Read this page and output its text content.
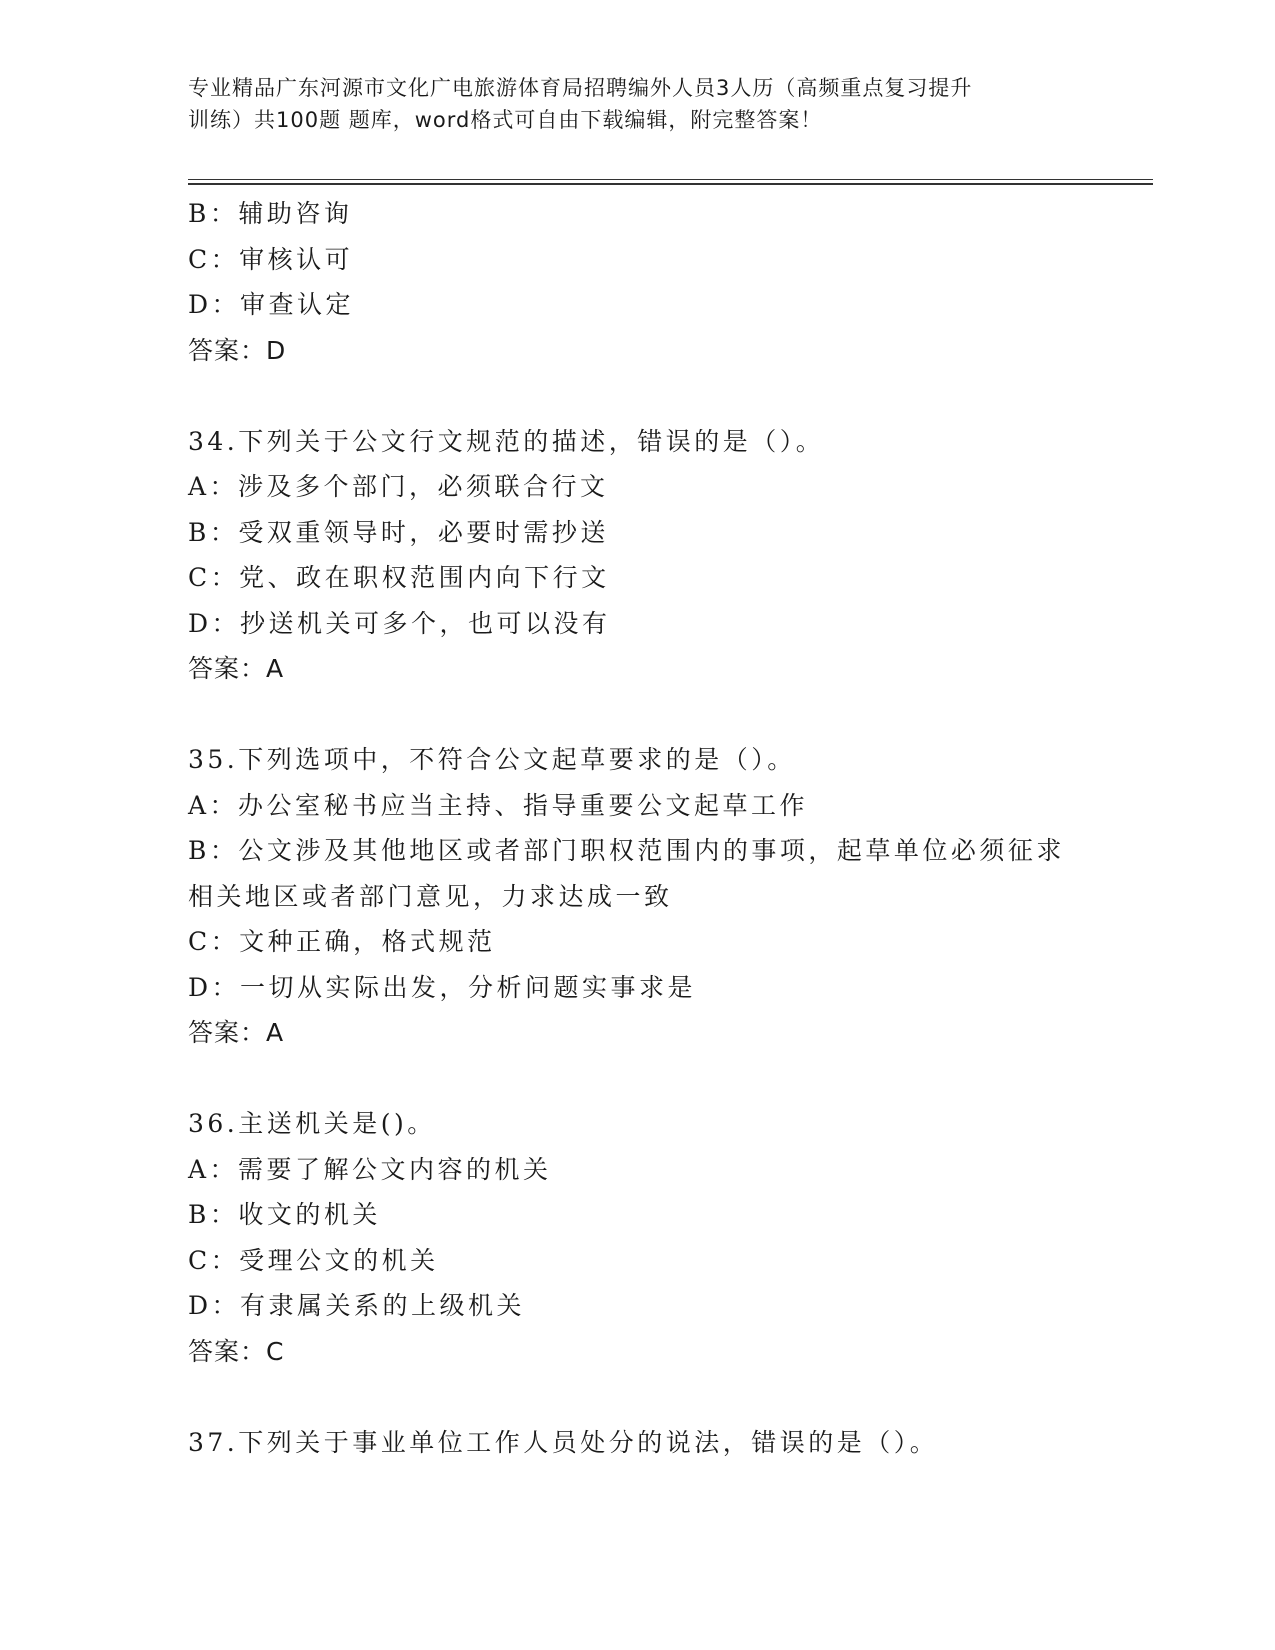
专业精品广东河源市文化广电旅游体育局招聘编外人员3人历（高频重点复习提升
训练）共100题 题库，word格式可自由下载编辑，附完整答案！
B：辅助咨询
C：审核认可
D：审查认定
答案：D
34.下列关于公文行文规范的描述，错误的是（）。
A：涉及多个部门，必须联合行文
B：受双重领导时，必要时需抄送
C：党、政在职权范围内向下行文
D：抄送机关可多个，也可以没有
答案：A
35.下列选项中，不符合公文起草要求的是（）。
A：办公室秘书应当主持、指导重要公文起草工作
B：公文涉及其他地区或者部门职权范围内的事项，起草单位必须征求
相关地区或者部门意见，力求达成一致
C：文种正确，格式规范
D：一切从实际出发，分析问题实事求是
答案：A
36.主送机关是()。
A：需要了解公文内容的机关
B：收文的机关
C：受理公文的机关
D：有隶属关系的上级机关
答案：C
37.下列关于事业单位工作人员处分的说法，错误的是（）。
